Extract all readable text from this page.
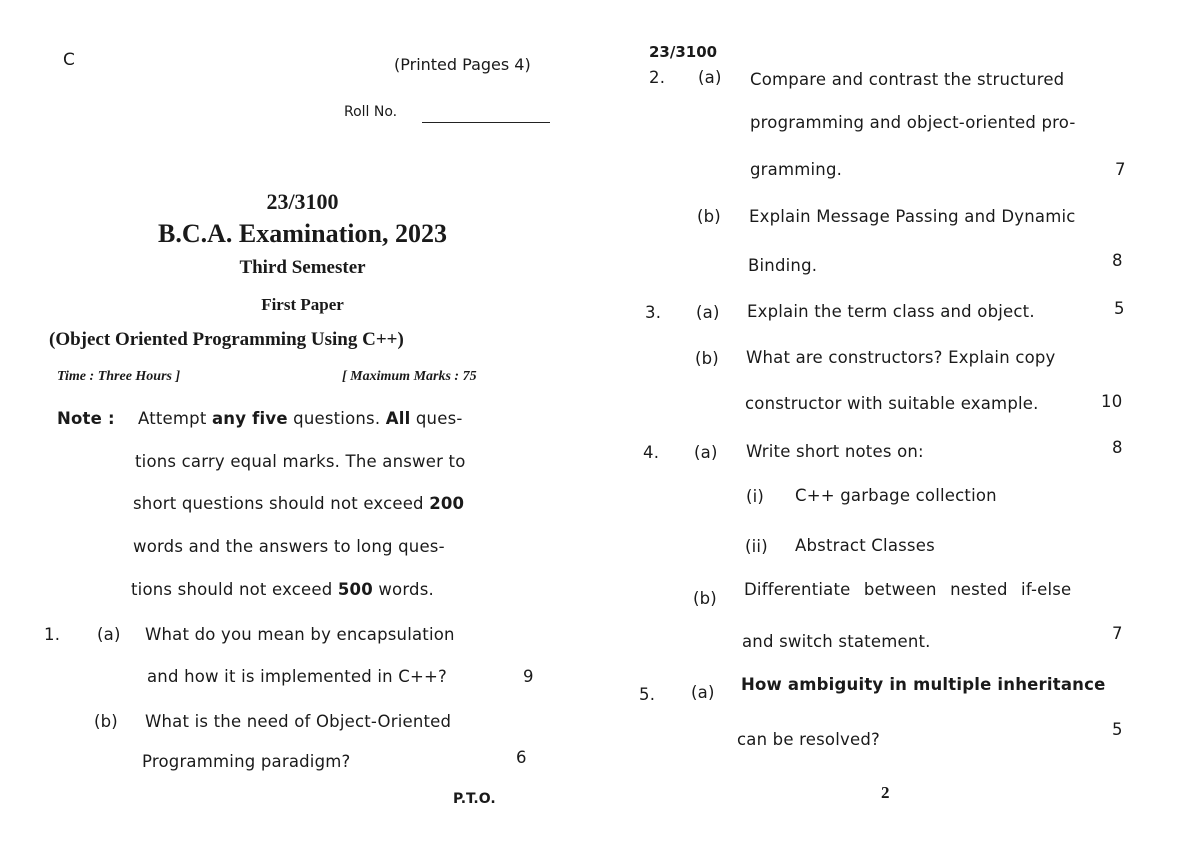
C	(Printed Pages 4)
Roll No.
23/3100
B.C.A. Examination, 2023
Third Semester
First Paper
(Object Oriented Programming Using C++)
Time : Three Hours ]	[ Maximum Marks : 75
Note : Attempt any five questions. All ques-
tions carry equal marks. The answer to
short questions should not exceed 200
words and the answers to long ques-
tions should not exceed 500 words.
1. (a) What do you mean by encapsulation
and how it is implemented in C++?	9
(b) What is the need of Object-Oriented
Programming paradigm?	6
P.T.O.
23/3100
2. (a) Compare and contrast the structured
programming and object-oriented pro-
gramming.	7
(b) Explain Message Passing and Dynamic
Binding.	8
3. (a) Explain the term class and object.	5
(b) What are constructors? Explain copy
constructor with suitable example.	10
4. (a) Write short notes on:	8
(i) C++ garbage collection
(ii) Abstract Classes
(b) Differentiate between nested if-else
and switch statement.	7
5. (a) How ambiguity in multiple inheritance
can be resolved?
5
2
